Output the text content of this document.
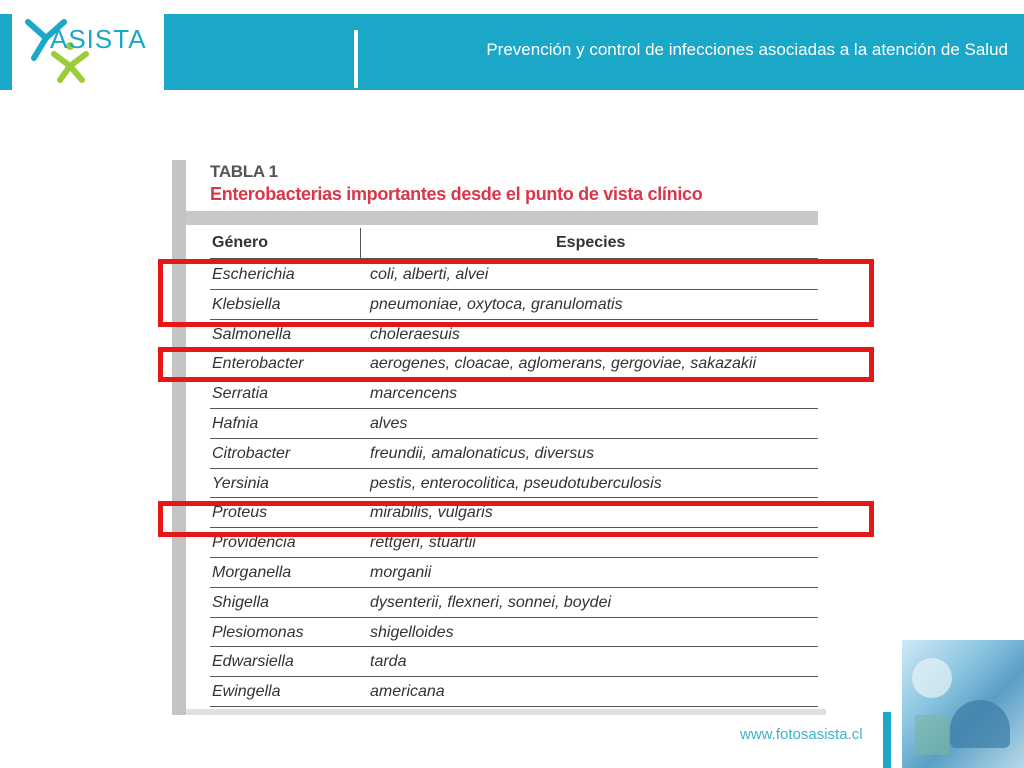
ASISTA	Prevención y control de infecciones asociadas a la atención de Salud
TABLA 1
Enterobacterias importantes desde el punto de vista clínico
Género	Especies
Escherichia	coli, alberti, alvei
Klebsiella	pneumoniae, oxytoca, granulomatis
Salmonella	choleraesuis
Enterobacter	aerogenes, cloacae, aglomerans, gergoviae, sakazakii
Serratia	marcencens
Hafnia	alves
Citrobacter	freundii, amalonaticus, diversus
Yersinia	pestis, enterocolitica, pseudotuberculosis
Proteus	mirabilis, vulgaris
Providencia	rettgeri, stuartii
Morganella	morganii
Shigella	dysenterii, flexneri, sonnei, boydei
Plesiomonas	shigelloides
Edwarsiella	tarda
Ewingella	americana
www.fotosasista.cl
